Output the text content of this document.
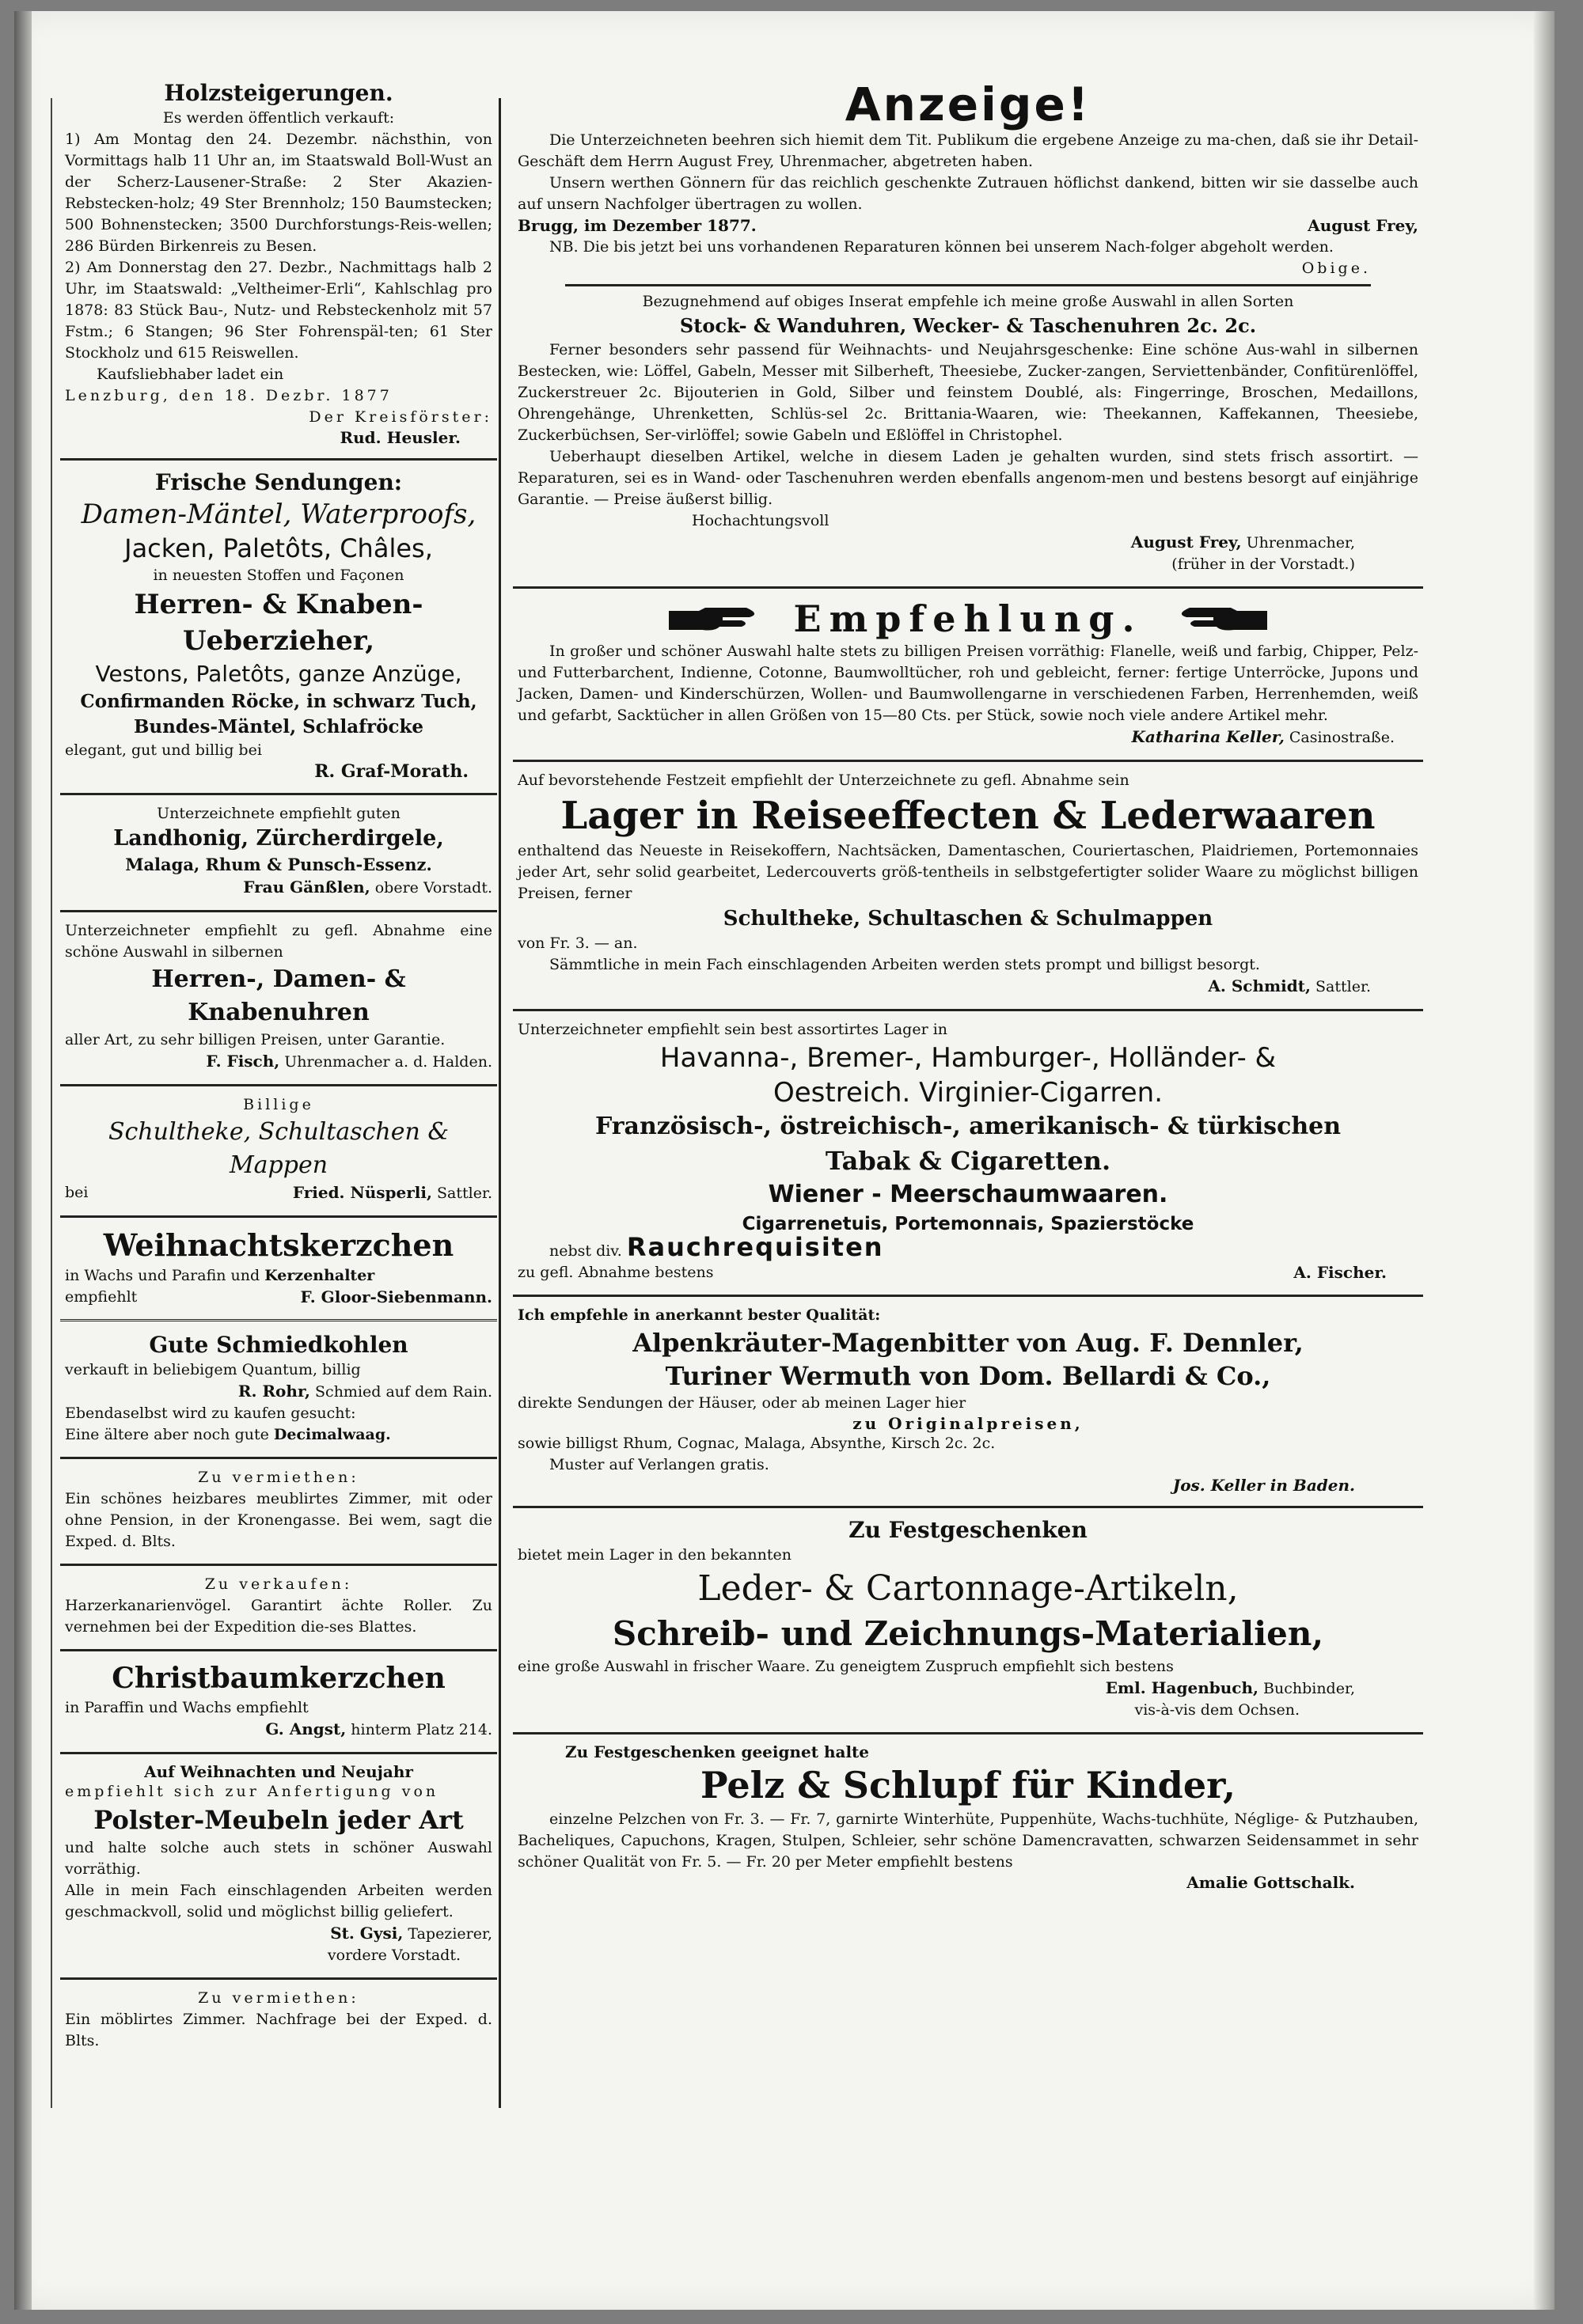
Holzsteigerungen.
Es werden öffentlich verkauft:
1) Am Montag den 24. Dezembr. nächsthin, von Vormittags halb 11 Uhr an, im Staatswald Boll-Wust an der Scherz-Lausener-Straße: 2 Ster Akazien-Rebstecken-holz; 49 Ster Brennholz; 150 Baumstecken; 500 Bohnenstecken; 3500 Durchforstungs-Reis-wellen; 286 Bürden Birkenreis zu Besen.
2) Am Donnerstag den 27. Dezbr., Nachmittags halb 2 Uhr, im Staatswald: „Veltheimer-Erli“, Kahlschlag pro 1878: 83 Stück Bau-, Nutz- und Rebsteckenholz mit 57 Fstm.; 6 Stangen; 96 Ster Fohrenspäl-ten; 61 Ster Stockholz und 615 Reiswellen.
Kaufsliebhaber ladet ein
Lenzburg, den 18. Dezbr. 1877
Der Kreisförster:
Rud. Heusler.
Frische Sendungen:
Damen-Mäntel, Waterproofs,
Jacken, Paletôts, Châles,
in neuesten Stoffen und Façonen
Herren- & Knaben-Ueberzieher,
Vestons, Paletôts, ganze Anzüge,
Confirmanden Röcke, in schwarz Tuch,
Bundes-Mäntel, Schlafröcke
elegant, gut und billig bei
R. Graf-Morath.
Unterzeichnete empfiehlt guten
Landhonig, Zürcherdirgele,
Malaga, Rhum & Punsch-Essenz.
Frau Gänßlen, obere Vorstadt.
Unterzeichneter empfiehlt zu gefl. Abnahme eine schöne Auswahl in silbernen
Herren-, Damen- & Knabenuhren
aller Art, zu sehr billigen Preisen, unter Garantie.
F. Fisch, Uhrenmacher a. d. Halden.
Billige
Schultheke, Schultaschen & Mappen
bei	Fried. Nüsperli, Sattler.
Weihnachtskerzchen
in Wachs und Parafin und Kerzenhalter
empfiehlt	F. Gloor-Siebenmann.
Gute Schmiedkohlen
verkauft in beliebigem Quantum, billig
R. Rohr, Schmied auf dem Rain.
Ebendaselbst wird zu kaufen gesucht:
Eine ältere aber noch gute Decimalwaag.
Zu vermiethen:
Ein schönes heizbares meublirtes Zimmer, mit oder ohne Pension, in der Kronengasse. Bei wem, sagt die Exped. d. Blts.
Zu verkaufen:
Harzerkanarienvögel. Garantirt ächte Roller. Zu vernehmen bei der Expedition die-ses Blattes.
Christbaumkerzchen
in Paraffin und Wachs empfiehlt
G. Angst, hinterm Platz 214.
Auf Weihnachten und Neujahr
empfiehlt sich zur Anfertigung von
Polster-Meubeln jeder Art
und halte solche auch stets in schöner Auswahl vorräthig.
Alle in mein Fach einschlagenden Arbeiten werden geschmackvoll, solid und möglichst billig geliefert.
St. Gysi, Tapezierer,
vordere Vorstadt.
Zu vermiethen:
Ein möblirtes Zimmer. Nachfrage bei der Exped. d. Blts.
Anzeige!
Die Unterzeichneten beehren sich hiemit dem Tit. Publikum die ergebene Anzeige zu ma-chen, daß sie ihr Detail-Geschäft dem Herrn August Frey, Uhrenmacher, abgetreten haben.
Unsern werthen Gönnern für das reichlich geschenkte Zutrauen höflichst dankend, bitten wir sie dasselbe auch auf unsern Nachfolger übertragen zu wollen.
Brugg, im Dezember 1877.	August Frey,
NB. Die bis jetzt bei uns vorhandenen Reparaturen können bei unserem Nach-folger abgeholt werden.
Obige.
Bezugnehmend auf obiges Inserat empfehle ich meine große Auswahl in allen Sorten
Stock- & Wanduhren, Wecker- & Taschenuhren 2c. 2c.
Ferner besonders sehr passend für Weihnachts- und Neujahrsgeschenke: Eine schöne Aus-wahl in silbernen Bestecken, wie: Löffel, Gabeln, Messer mit Silberheft, Theesiebe, Zucker-zangen, Serviettenbänder, Confitürenlöffel, Zuckerstreuer 2c. Bijouterien in Gold, Silber und feinstem Doublé, als: Fingerringe, Broschen, Medaillons, Ohrengehänge, Uhrenketten, Schlüs-sel 2c. Brittania-Waaren, wie: Theekannen, Kaffekannen, Theesiebe, Zuckerbüchsen, Ser-virlöffel; sowie Gabeln und Eßlöffel in Christophel.
Ueberhaupt dieselben Artikel, welche in diesem Laden je gehalten wurden, sind stets frisch assortirt. — Reparaturen, sei es in Wand- oder Taschenuhren werden ebenfalls angenom-men und bestens besorgt auf einjährige Garantie. — Preise äußerst billig.
Hochachtungsvoll
August Frey, Uhrenmacher,
(früher in der Vorstadt.)
Empfehlung.
In großer und schöner Auswahl halte stets zu billigen Preisen vorräthig: Flanelle, weiß und farbig, Chipper, Pelz- und Futterbarchent, Indienne, Cotonne, Baumwolltücher, roh und gebleicht, ferner: fertige Unterröcke, Jupons und Jacken, Damen- und Kinderschürzen, Wollen- und Baumwollengarne in verschiedenen Farben, Herrenhemden, weiß und gefarbt, Sacktücher in allen Größen von 15—80 Cts. per Stück, sowie noch viele andere Artikel mehr.
Katharina Keller, Casinostraße.
Auf bevorstehende Festzeit empfiehlt der Unterzeichnete zu gefl. Abnahme sein
Lager in Reiseeffecten & Lederwaaren
enthaltend das Neueste in Reisekoffern, Nachtsäcken, Damentaschen, Couriertaschen, Plaidriemen, Portemonnaies jeder Art, sehr solid gearbeitet, Ledercouverts größ-tentheils in selbstgefertigter solider Waare zu möglichst billigen Preisen, ferner
Schultheke, Schultaschen & Schulmappen
von Fr. 3. — an.
Sämmtliche in mein Fach einschlagenden Arbeiten werden stets prompt und billigst besorgt.
A. Schmidt, Sattler.
Unterzeichneter empfiehlt sein best assortirtes Lager in
Havanna-, Bremer-, Hamburger-, Holländer- &
Oestreich. Virginier-Cigarren.
Französisch-, östreichisch-, amerikanisch- & türkischen
Tabak & Cigaretten.
Wiener - Meerschaumwaaren.
Cigarrenetuis, Portemonnais, Spazierstöcke
nebst div. Rauchrequisiten
zu gefl. Abnahme bestens	A. Fischer.
Ich empfehle in anerkannt bester Qualität:
Alpenkräuter-Magenbitter von Aug. F. Dennler,
Turiner Wermuth von Dom. Bellardi & Co.,
direkte Sendungen der Häuser, oder ab meinen Lager hier
zu Originalpreisen,
sowie billigst Rhum, Cognac, Malaga, Absynthe, Kirsch 2c. 2c.
Muster auf Verlangen gratis.
Jos. Keller in Baden.
Zu Festgeschenken
bietet mein Lager in den bekannten
Leder- & Cartonnage-Artikeln,
Schreib- und Zeichnungs-Materialien,
eine große Auswahl in frischer Waare. Zu geneigtem Zuspruch empfiehlt sich bestens
Eml. Hagenbuch, Buchbinder,
vis-à-vis dem Ochsen.
Zu Festgeschenken geeignet halte
Pelz & Schlupf für Kinder,
einzelne Pelzchen von Fr. 3. — Fr. 7, garnirte Winterhüte, Puppenhüte, Wachs-tuchhüte, Néglige- & Putzhauben, Bacheliques, Capuchons, Kragen, Stulpen, Schleier, sehr schöne Damencravatten, schwarzen Seidensammet in sehr schöner Qualität von Fr. 5. — Fr. 20 per Meter empfiehlt bestens
Amalie Gottschalk.
